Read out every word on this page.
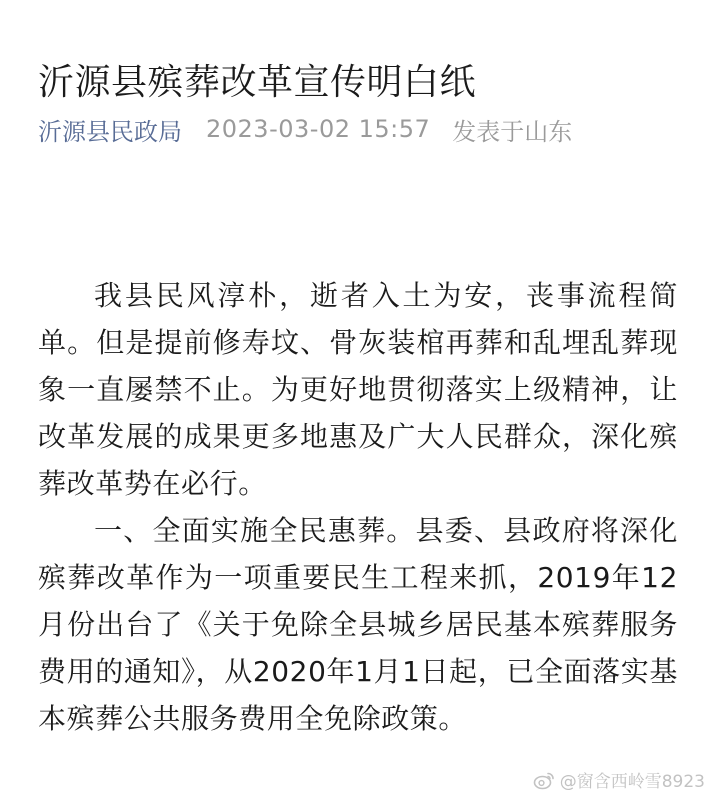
沂源县殡葬改革宣传明白纸
沂源县民政局 2023-03-02 15:57 发表于山东

我县民风淳朴，逝者入土为安，丧事流程简单。但是提前修寿坟、骨灰装棺再葬和乱埋乱葬现象一直屡禁不止。为更好地贯彻落实上级精神，让改革发展的成果更多地惠及广大人民群众，深化殡葬改革势在必行。

一、全面实施全民惠葬。县委、县政府将深化殡葬改革作为一项重要民生工程来抓，2019年12月份出台了《关于免除全县城乡居民基本殡葬服务费用的通知》，从2020年1月1日起，已全面落实基本殡葬公共服务费用全免除政策。

@窗含西岭雪8923
